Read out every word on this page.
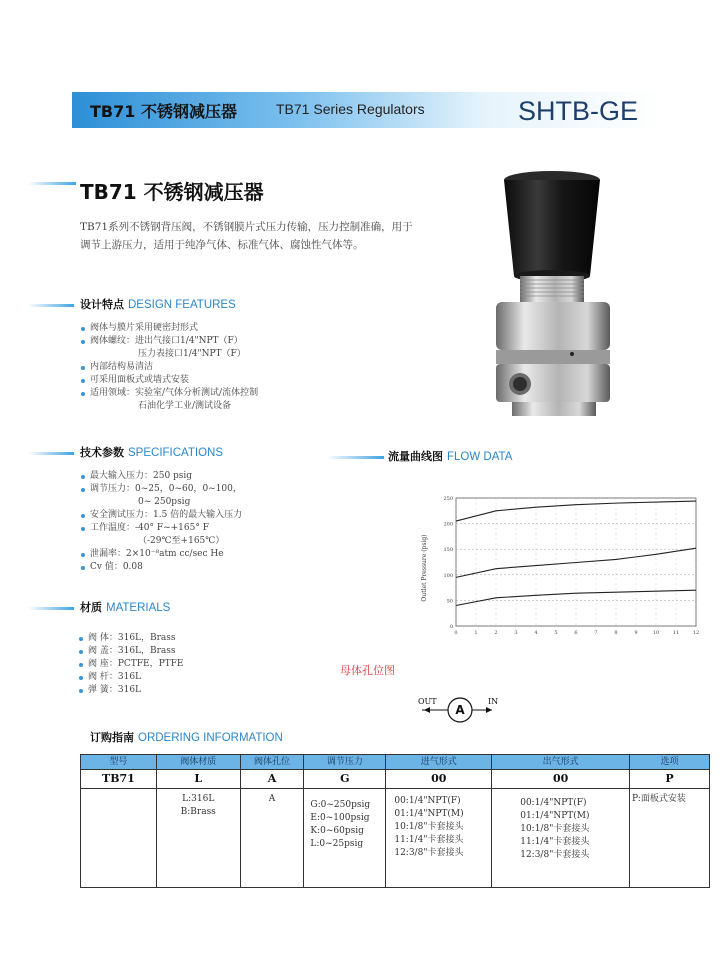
TB71 不锈钢减压器	TB71 Series Regulators	SHTB-GE
TB71 不锈钢减压器
TB71系列不锈钢背压阀，不锈钢膜片式压力传输，压力控制准确，用于调节上游压力，适用于纯净气体、标准气体、腐蚀性气体等。
设计特点 DESIGN FEATURES
阀体与膜片采用硬密封形式
阀体螺纹：进出气接口1/4"NPT（F）
压力表接口1/4"NPT（F）
内部结构易清洁
可采用面板式或墙式安装
适用领域：实验室/气体分析测试/流体控制
石油化学工业/测试设备
技术参数 SPECIFICATIONS
最大输入压力：250 psig
调节压力：0~25，0~60，0~100，
0~ 250psig
安全测试压力：1.5 倍的最大输入压力
工作温度：-40° F~+165° F
（-29℃至+165℃）
泄漏率：2×10⁻⁸atm cc/sec He
Cv 值：0.08
流量曲线图 FLOW DATA
0
50
100
150
200
250
0	1	2	3	4	5	6	7	8	9	10	11	12
Outlet Pressure (psig)
材质 MATERIALS
阀 体：316L，Brass
阀 盖：316L，Brass
阀 座：PCTFE，PTFE
阀 杆：316L
弹 簧：316L
母体孔位图
OUT
A
IN
订购指南 ORDERING INFORMATION
型号	阀体材质	阀体孔位	调节压力	进气形式	出气形式	选项
TB71	L	A	G	00	00	P

	L:316L
B:Brass	A	G:0~250psig
E:0~100psig
K:0~60psig
L:0~25psig	00:1/4"NPT(F)
01:1/4"NPT(M)
10:1/8"卡套接头
11:1/4"卡套接头
12:3/8"卡套接头	00:1/4"NPT(F)
01:1/4"NPT(M)
10:1/8"卡套接头
11:1/4"卡套接头
12:3/8"卡套接头	P:面板式安装
